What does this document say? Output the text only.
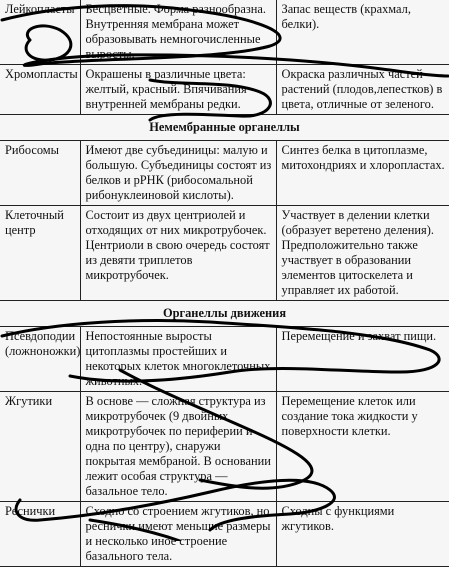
Лейкопласты	Бесцветные. Форма разнообразна. Внутренняя мембрана может образовывать немногочисленные выросты.	Запас веществ (крахмал, белки).
Хромопласты	Окрашены в различные цвета: желтый, красный. Впячивания внутренней мембраны редки.	Окраска различных частей растений (плодов,лепестков) в цвета, отличные от зеленого.
Немембранные органеллы		
Рибосомы	Имеют две субъединицы: малую и большую. Субъединицы состоят из белков и рРНК (рибосомальной рибонуклеиновой кислоты).	Синтез белка в цитоплазме, митохондриях и хлоропластах.
Клеточный центр	Состоит из двух центриолей и отходящих от них микротрубочек. Центриоли в свою очередь состоят из девяти триплетов микротрубочек.	Участвует в делении клетки (образует веретено деления). Предположительно также участвует в образовании элементов цитоскелета и управляет их работой.
Органеллы движения		
Псевдоподии (ложноножки)	Непостоянные выросты цитоплазмы простейших и некоторых клеток многоклеточных животных.	Перемещение и захват пищи.
Жгутики	В основе — сложная структура из микротрубочек (9 двойных микротрубочек по периферии и одна по центру), снаружи покрытая мембраной. В основании лежит особая структура — базальное тело.	Перемещение клеток или создание тока жидкости у поверхности клетки.
Реснички	Сходно со строением жгутиков, но реснички имеют меньшие размеры и несколько иное строение базального тела.	Сходны с функциями жгутиков.
